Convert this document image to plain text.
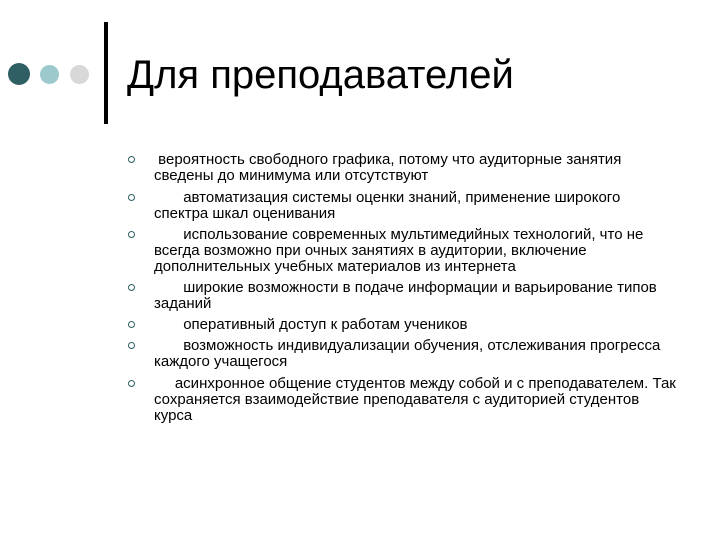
Для преподавателей
вероятность свободного графика, потому что аудиторные занятия сведены до минимума или отсутствуют
автоматизация системы оценки знаний, применение широкого спектра шкал оценивания
использование современных мультимедийных технологий, что не всегда возможно при очных занятиях в аудитории, включение дополнительных учебных материалов из интернета
широкие возможности в подаче информации и варьирование типов заданий
оперативный доступ к работам учеников
возможность индивидуализации обучения, отслеживания прогресса каждого учащегося
асинхронное общение студентов между собой и с преподавателем. Так сохраняется взаимодействие преподавателя с аудиторией студентов курса
